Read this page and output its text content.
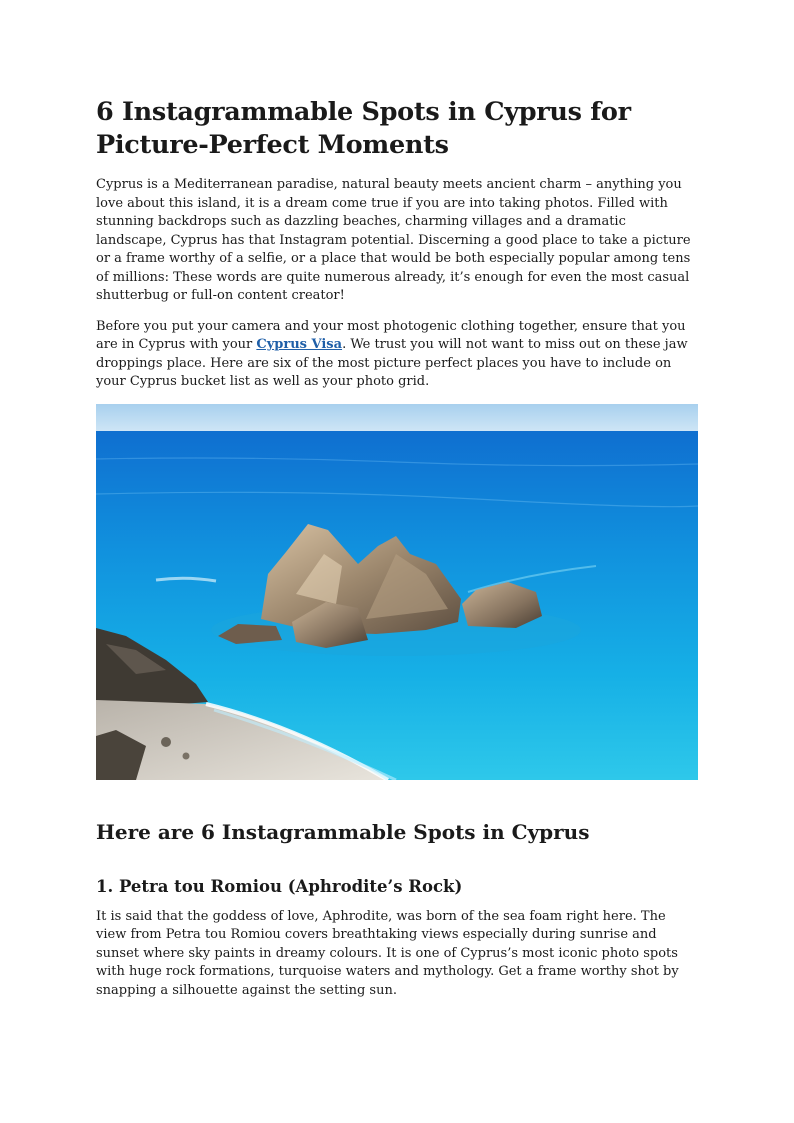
6 Instagrammable Spots in Cyprus for Picture-Perfect Moments

Cyprus is a Mediterranean paradise, natural beauty meets ancient charm – anything you love about this island, it is a dream come true if you are into taking photos. Filled with stunning backdrops such as dazzling beaches, charming villages and a dramatic landscape, Cyprus has that Instagram potential. Discerning a good place to take a picture or a frame worthy of a selfie, or a place that would be both especially popular among tens of millions: These words are quite numerous already, it’s enough for even the most casual shutterbug or full-on content creator!

Before you put your camera and your most photogenic clothing together, ensure that you are in Cyprus with your Cyprus Visa. We trust you will not want to miss out on these jaw droppings place. Here are six of the most picture perfect places you have to include on your Cyprus bucket list as well as your photo grid.

Here are 6 Instagrammable Spots in Cyprus
1. Petra tou Romiou (Aphrodite’s Rock)

It is said that the goddess of love, Aphrodite, was born of the sea foam right here. The view from Petra tou Romiou covers breathtaking views especially during sunrise and sunset where sky paints in dreamy colours. It is one of Cyprus’s most iconic photo spots with huge rock formations, turquoise waters and mythology. Get a frame worthy shot by snapping a silhouette against the setting sun.
